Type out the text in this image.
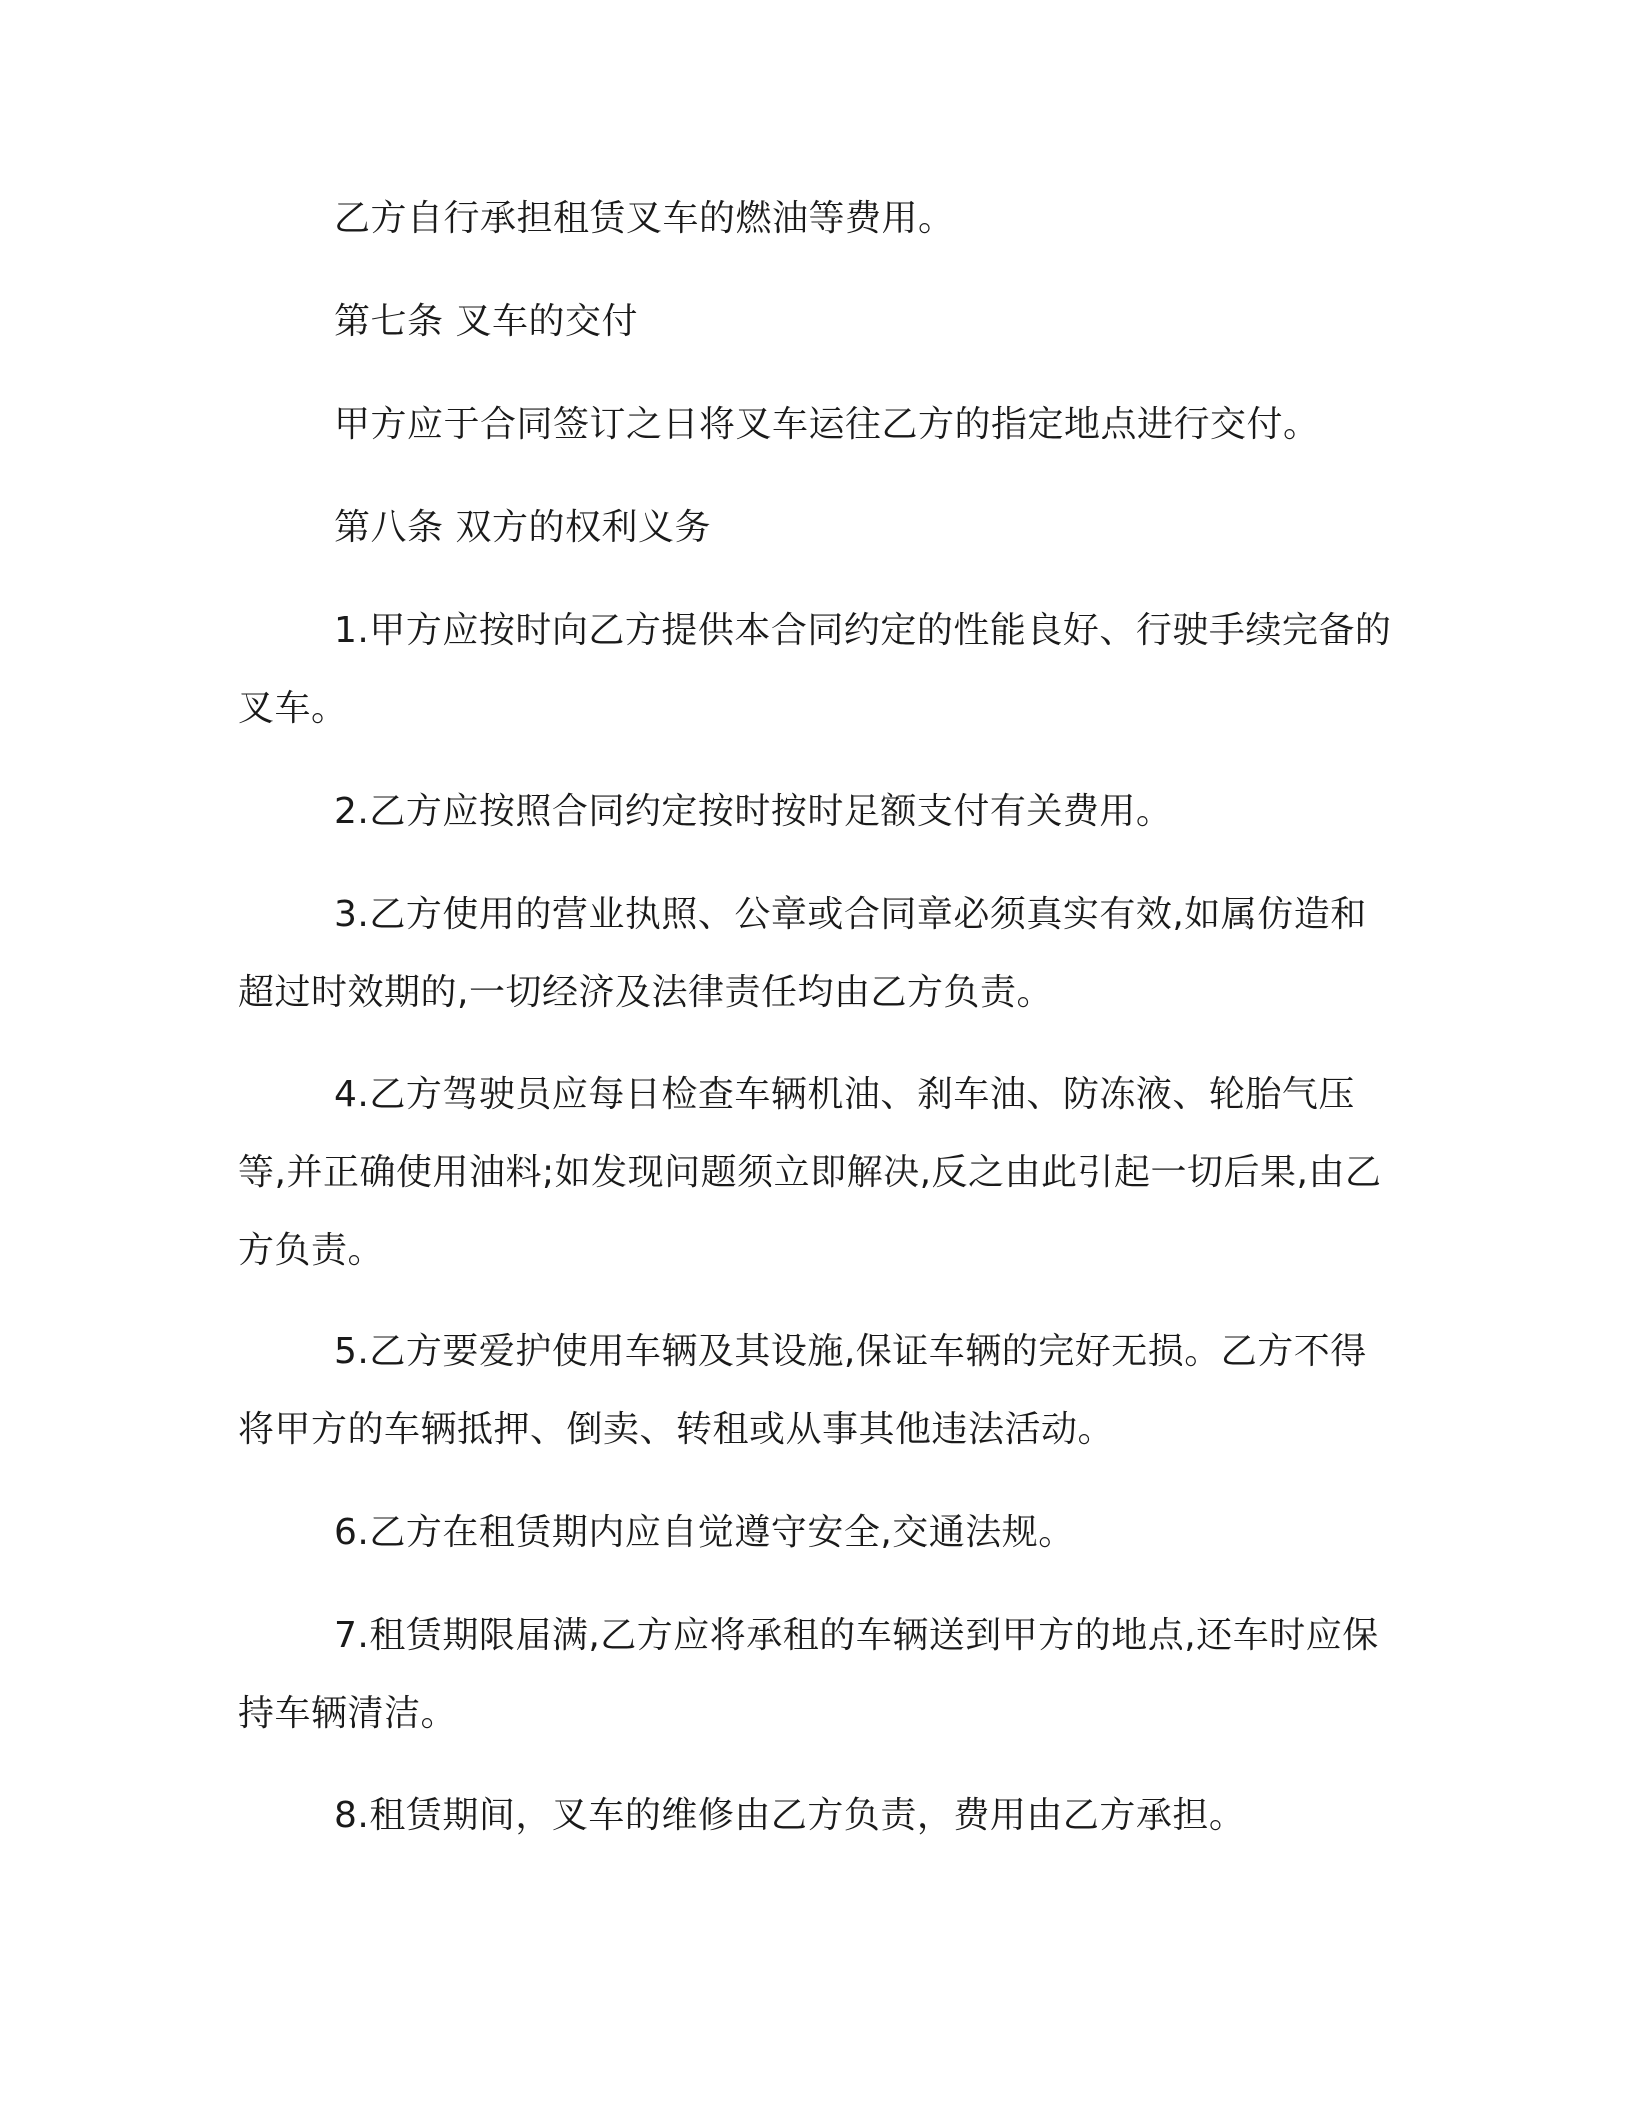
乙方自行承担租赁叉车的燃油等费用。

第七条 叉车的交付

甲方应于合同签订之日将叉车运往乙方的指定地点进行交付。

第八条 双方的权利义务

1.甲方应按时向乙方提供本合同约定的性能良好、行驶手续完备的叉车。

2.乙方应按照合同约定按时按时足额支付有关费用。

3.乙方使用的营业执照、公章或合同章必须真实有效,如属仿造和超过时效期的,一切经济及法律责任均由乙方负责。

4.乙方驾驶员应每日检查车辆机油、刹车油、防冻液、轮胎气压等,并正确使用油料;如发现问题须立即解决,反之由此引起一切后果,由乙方负责。

5.乙方要爱护使用车辆及其设施,保证车辆的完好无损。乙方不得将甲方的车辆抵押、倒卖、转租或从事其他违法活动。

6.乙方在租赁期内应自觉遵守安全,交通法规。

7.租赁期限届满,乙方应将承租的车辆送到甲方的地点,还车时应保持车辆清洁。

8.租赁期间，叉车的维修由乙方负责，费用由乙方承担。
